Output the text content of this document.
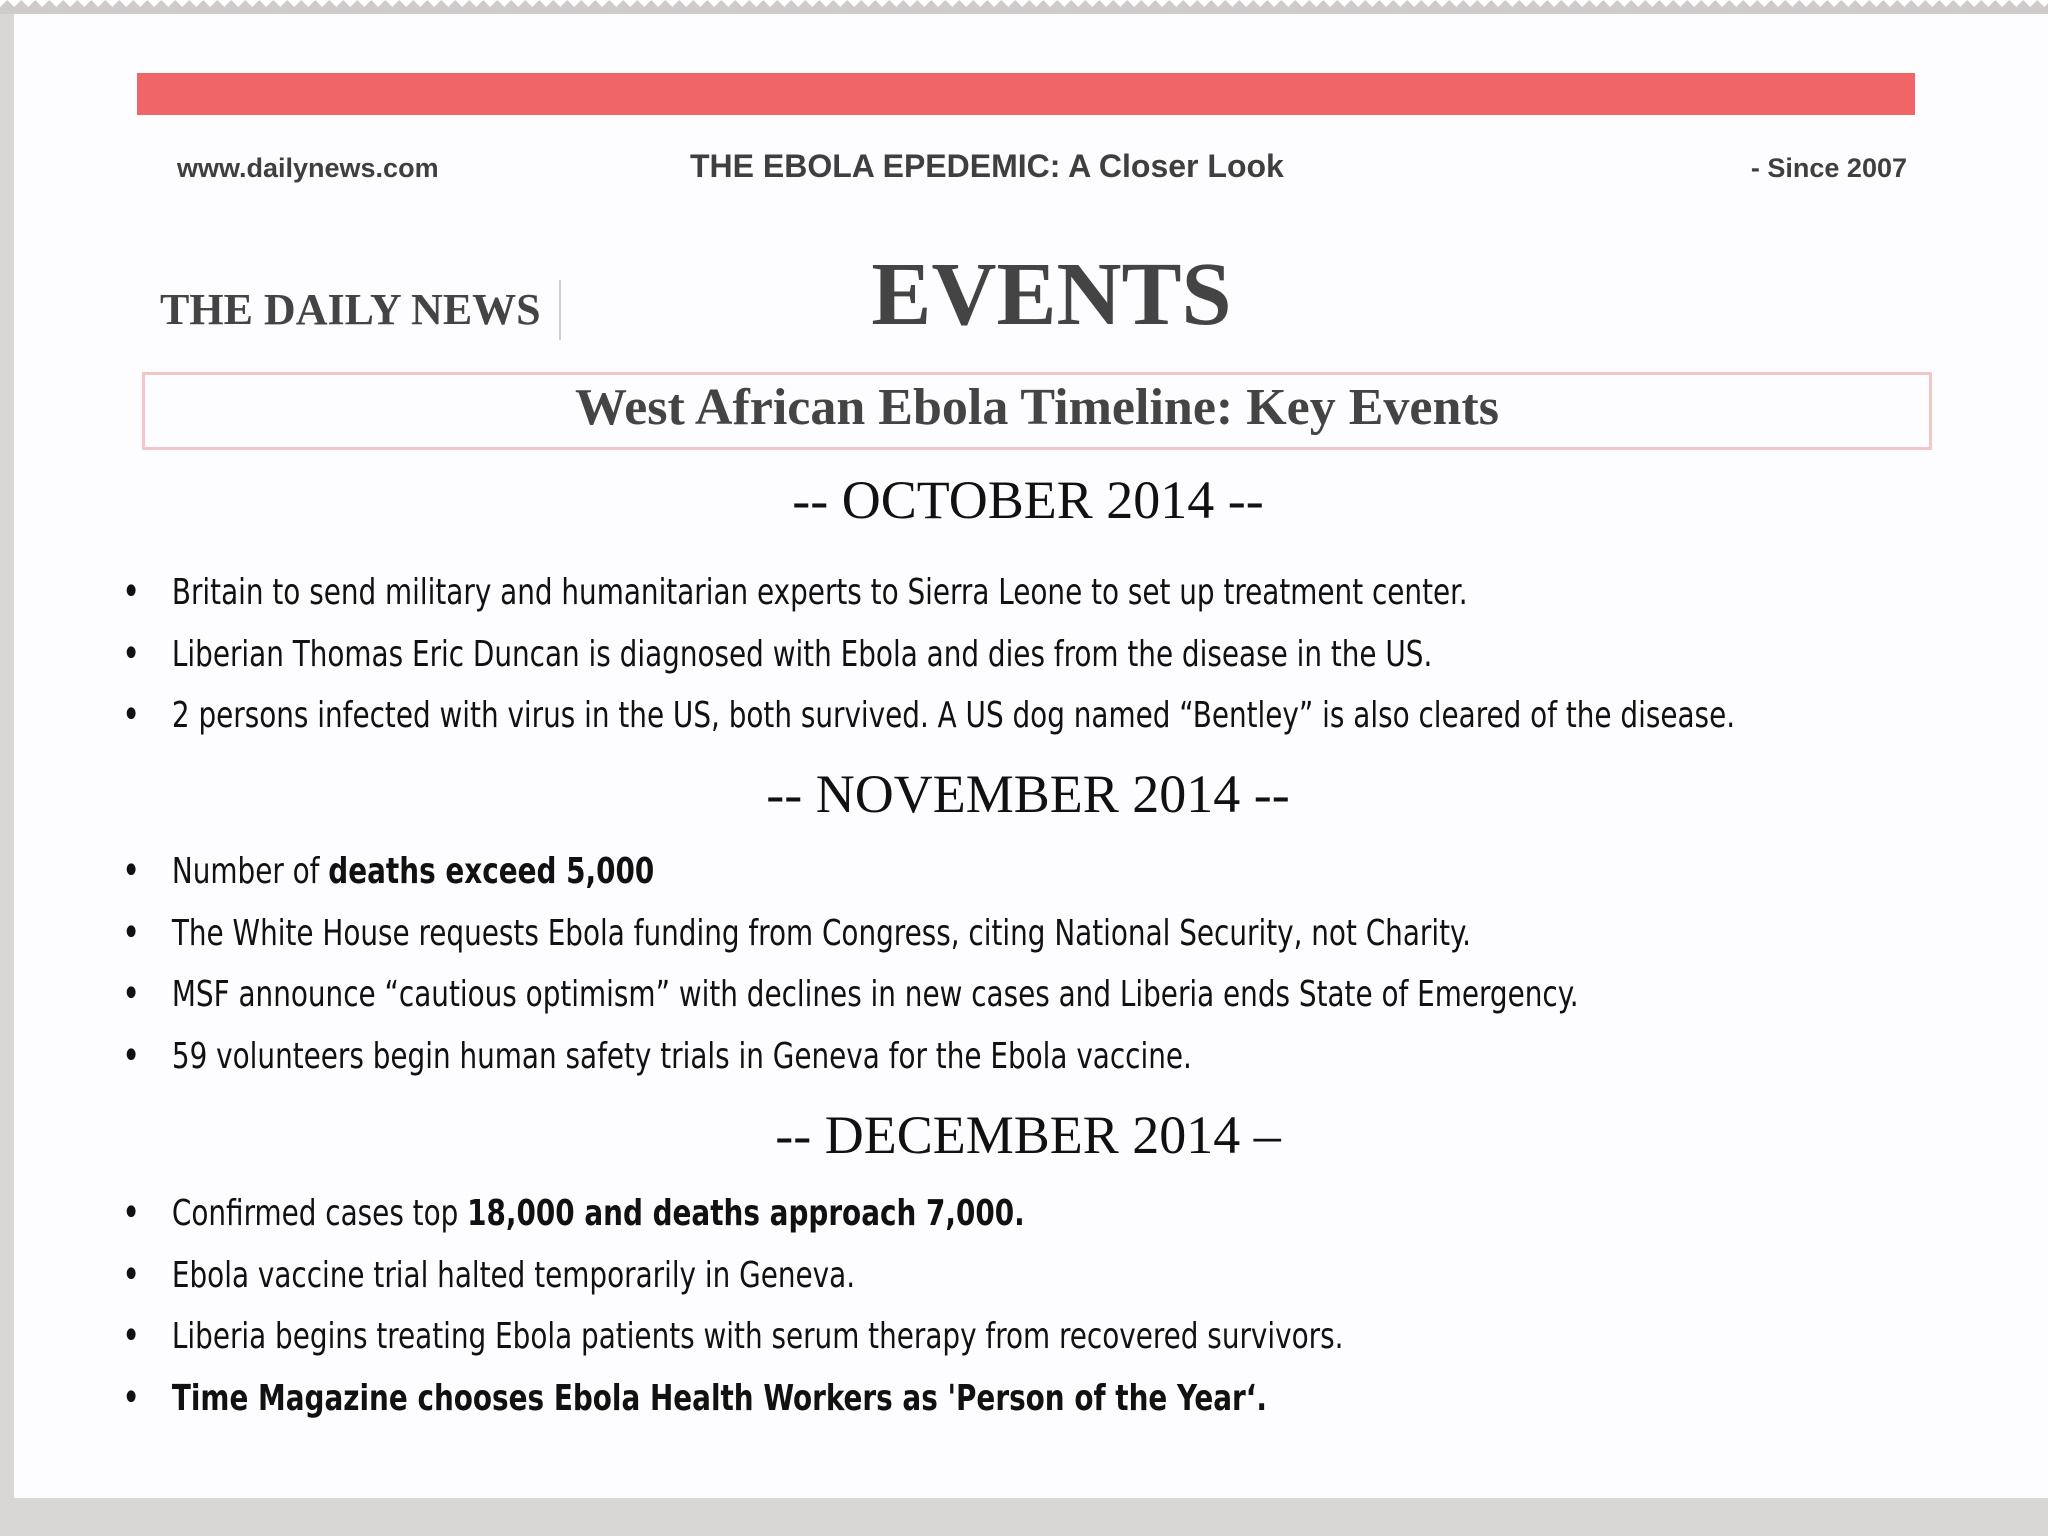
www.dailynews.com	THE EBOLA EPEDEMIC: A Closer Look	- Since 2007
THE DAILY NEWS	EVENTS
West African Ebola Timeline: Key Events
-- OCTOBER 2014 --
• Britain to send military and humanitarian experts to Sierra Leone to set up treatment center.
• Liberian Thomas Eric Duncan is diagnosed with Ebola and dies from the disease in the US.
• 2 persons infected with virus in the US, both survived. A US dog named “Bentley” is also cleared of the disease.
-- NOVEMBER 2014 --
• Number of deaths exceed 5,000
• The White House requests Ebola funding from Congress, citing National Security, not Charity.
• MSF announce “cautious optimism” with declines in new cases and Liberia ends State of Emergency.
• 59 volunteers begin human safety trials in Geneva for the Ebola vaccine.
-- DECEMBER 2014 –
• Confirmed cases top 18,000 and deaths approach 7,000.
• Ebola vaccine trial halted temporarily in Geneva.
• Liberia begins treating Ebola patients with serum therapy from recovered survivors.
• Time Magazine chooses Ebola Health Workers as 'Person of the Year‘.
